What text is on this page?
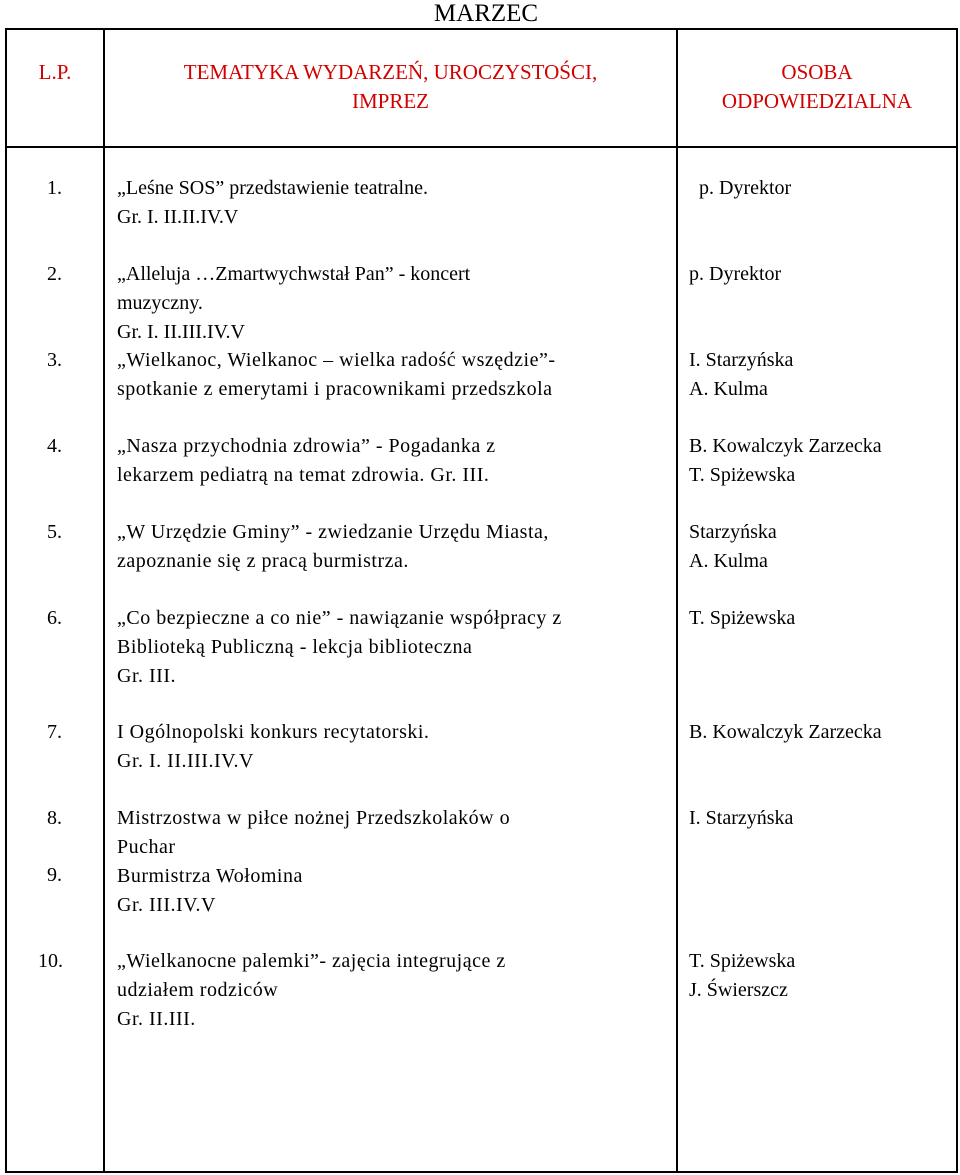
MARZEC
L.P.	TEMATYKA WYDARZEŃ, UROCZYSTOŚCI,
IMPREZ
OSOBA
ODPOWIEDZIALNA
1.
2.
3.
4.
5.
6.
7.
8.
9.
10.
„Leśne SOS” przedstawienie teatralne.
Gr. I. II.II.IV.V
„Alleluja …Zmartwychwstał Pan” - koncert
muzyczny.
Gr. I. II.III.IV.V
„Wielkanoc, Wielkanoc – wielka radość wszędzie”-
spotkanie z emerytami i pracownikami przedszkola
„Nasza przychodnia zdrowia” - Pogadanka z
lekarzem pediatrą na temat zdrowia. Gr. III.
„W Urzędzie Gminy” - zwiedzanie Urzędu Miasta,
zapoznanie się z pracą burmistrza.
„Co bezpieczne a co nie” - nawiązanie współpracy z
Biblioteką Publiczną - lekcja biblioteczna
Gr. III.
I Ogólnopolski konkurs recytatorski.
Gr. I. II.III.IV.V
Mistrzostwa w piłce nożnej Przedszkolaków o
Puchar
Burmistrza Wołomina
Gr. III.IV.V
„Wielkanocne palemki”- zajęcia integrujące z
udziałem rodziców
Gr. II.III.
p. Dyrektor
p. Dyrektor
I. Starzyńska
A. Kulma
B. Kowalczyk Zarzecka
T. Spiżewska
Starzyńska
A. Kulma
T. Spiżewska
B. Kowalczyk Zarzecka
I. Starzyńska
T. Spiżewska
J. Świerszcz
